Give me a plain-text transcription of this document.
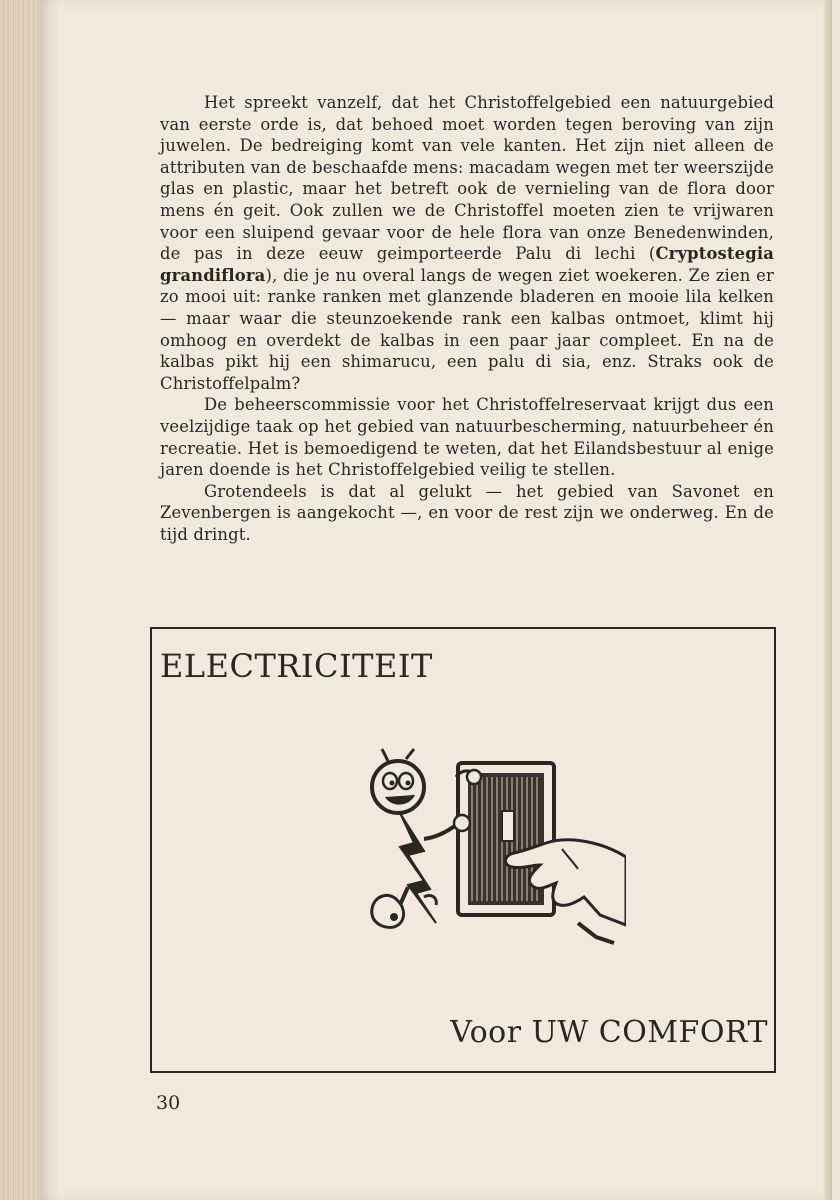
Het spreekt vanzelf, dat het Christoffelgebied een natuurgebied van eerste orde is, dat behoed moet worden tegen beroving van zijn juwelen. De bedreiging komt van vele kanten. Het zijn niet alleen de attributen van de beschaafde mens: macadam wegen met ter weerszijde glas en plastic, maar het betreft ook de vernieling van de flora door mens én geit. Ook zullen we de Christoffel moeten zien te vrijwaren voor een sluipend gevaar voor de hele flora van onze Benedenwinden, de pas in deze eeuw geimporteerde Palu di lechi (Cryptostegia grandiflora), die je nu overal langs de wegen ziet woekeren. Ze zien er zo mooi uit: ranke ranken met glanzende bladeren en mooie lila kelken — maar waar die steunzoekende rank een kalbas ontmoet, klimt hij omhoog en overdekt de kalbas in een paar jaar compleet. En na de kalbas pikt hij een shimarucu, een palu di sia, enz. Straks ook de Christoffelpalm?

De beheerscommissie voor het Christoffelreservaat krijgt dus een veelzijdige taak op het gebied van natuurbescherming, natuurbeheer én recreatie. Het is bemoedigend te weten, dat het Eilandsbestuur al enige jaren doende is het Christoffelgebied veilig te stellen.

Grotendeels is dat al gelukt — het gebied van Savonet en Zevenbergen is aangekocht —, en voor de rest zijn we onderweg. En de tijd dringt.

ELECTRICITEIT
Voor UW COMFORT
30
